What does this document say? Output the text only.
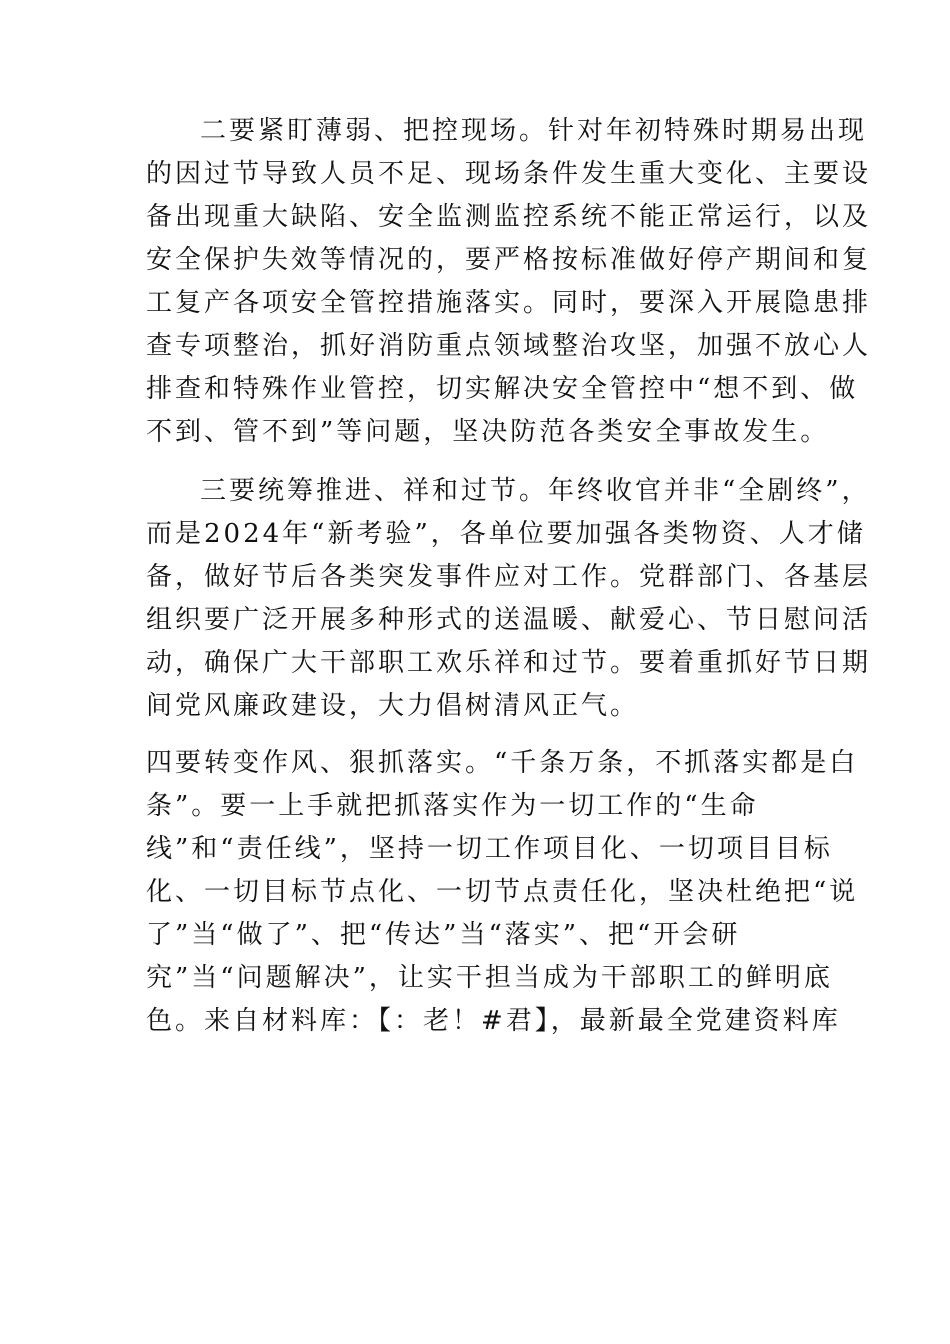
二要紧盯薄弱、把控现场。针对年初特殊时期易出现
的因过节导致人员不足、现场条件发生重大变化、主要设
备出现重大缺陷、安全监测监控系统不能正常运行，以及
安全保护失效等情况的，要严格按标准做好停产期间和复
工复产各项安全管控措施落实。同时，要深入开展隐患排
查专项整治，抓好消防重点领域整治攻坚，加强不放心人
排查和特殊作业管控，切实解决安全管控中“想不到、做
不到、管不到”等问题，坚决防范各类安全事故发生。
三要统筹推进、祥和过节。年终收官并非“全剧终”，
而是2024年“新考验”，各单位要加强各类物资、人才储
备，做好节后各类突发事件应对工作。党群部门、各基层
组织要广泛开展多种形式的送温暖、献爱心、节日慰问活
动，确保广大干部职工欢乐祥和过节。要着重抓好节日期
间党风廉政建设，大力倡树清风正气。
四要转变作风、狠抓落实。“千条万条，不抓落实都是白
条”。要一上手就把抓落实作为一切工作的“生命
线”和“责任线”，坚持一切工作项目化、一切项目目标
化、一切目标节点化、一切节点责任化，坚决杜绝把“说
了”当“做了”、把“传达”当“落实”、把“开会研
究”当“问题解决”，让实干担当成为干部职工的鲜明底
色。来自材料库：【：老！#君】，最新最全党建资料库
